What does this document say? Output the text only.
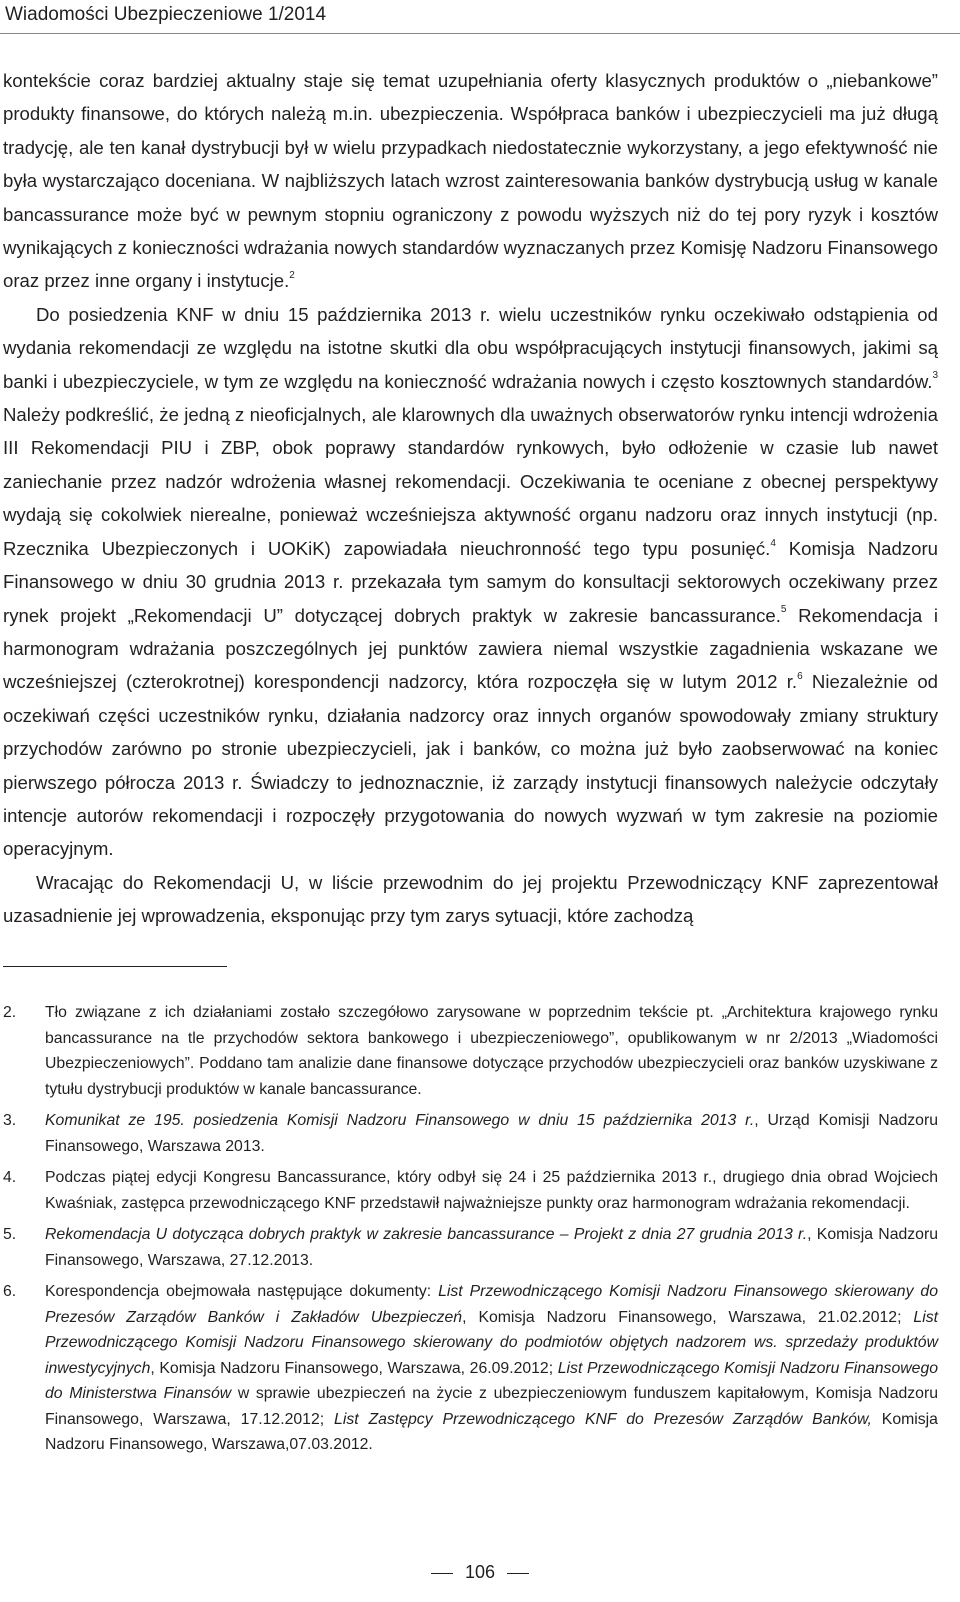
Wiadomości Ubezpieczeniowe 1/2014

kontekście coraz bardziej aktualny staje się temat uzupełniania oferty klasycznych produktów o „niebankowe” produkty finansowe, do których należą m.in. ubezpieczenia. Współpraca banków i ubezpieczycieli ma już długą tradycję, ale ten kanał dystrybucji był w wielu przypadkach niedostatecznie wykorzystany, a jego efektywność nie była wystarczająco doceniana. W najbliższych latach wzrost zainteresowania banków dystrybucją usług w kanale bancassurance może być w pewnym stopniu ograniczony z powodu wyższych niż do tej pory ryzyk i kosztów wynikających z konieczności wdrażania nowych standardów wyznaczanych przez Komisję Nadzoru Finansowego oraz przez inne organy i instytucje.$^2$

Do posiedzenia KNF w dniu 15 października 2013 r. wielu uczestników rynku oczekiwało odstąpienia od wydania rekomendacji ze względu na istotne skutki dla obu współpracujących instytucji finansowych, jakimi są banki i ubezpieczyciele, w tym ze względu na konieczność wdrażania nowych i często kosztownych standardów.$^3$ Należy podkreślić, że jedną z nieoficjalnych, ale klarownych dla uważnych obserwatorów rynku intencji wdrożenia III Rekomendacji PIU i ZBP, obok poprawy standardów rynkowych, było odłożenie w czasie lub nawet zaniechanie przez nadzór wdrożenia własnej rekomendacji. Oczekiwania te oceniane z obecnej perspektywy wydają się cokolwiek nierealne, ponieważ wcześniejsza aktywność organu nadzoru oraz innych instytucji (np. Rzecznika Ubezpieczonych i UOKiK) zapowiadała nieuchronność tego typu posunięć.$^4$ Komisja Nadzoru Finansowego w dniu 30 grudnia 2013 r. przekazała tym samym do konsultacji sektorowych oczekiwany przez rynek projekt „Rekomendacji U” dotyczącej dobrych praktyk w zakresie bancassurance.$^5$ Rekomendacja i harmonogram wdrażania poszczególnych jej punktów zawiera niemal wszystkie zagadnienia wskazane we wcześniejszej (czterokrotnej) korespondencji nadzorcy, która rozpoczęła się w lutym 2012 r.$^6$ Niezależnie od oczekiwań części uczestników rynku, działania nadzorcy oraz innych organów spowodowały zmiany struktury przychodów zarówno po stronie ubezpieczycieli, jak i banków, co można już było zaobserwować na koniec pierwszego półrocza 2013 r. Świadczy to jednoznacznie, iż zarządy instytucji finansowych należycie odczytały intencje autorów rekomendacji i rozpoczęły przygotowania do nowych wyzwań w tym zakresie na poziomie operacyjnym.

Wracając do Rekomendacji U, w liście przewodnim do jej projektu Przewodniczący KNF zaprezentował uzasadnienie jej wprowadzenia, eksponując przy tym zarys sytuacji, które zachodzą

2.	Tło związane z ich działaniami zostało szczegółowo zarysowane w poprzednim tekście pt. „Architektura krajowego rynku bancassurance na tle przychodów sektora bankowego i ubezpieczeniowego”, opublikowanym w nr 2/2013 „Wiadomości Ubezpieczeniowych”. Poddano tam analizie dane finansowe dotyczące przychodów ubezpieczycieli oraz banków uzyskiwane z tytułu dystrybucji produktów w kanale bancassurance.
3.	Komunikat ze 195. posiedzenia Komisji Nadzoru Finansowego w dniu 15 października 2013 r., Urząd Komisji Nadzoru Finansowego, Warszawa 2013.
4.	Podczas piątej edycji Kongresu Bancassurance, który odbył się 24 i 25 października 2013 r., drugiego dnia obrad Wojciech Kwaśniak, zastępca przewodniczącego KNF przedstawił najważniejsze punkty oraz harmonogram wdrażania rekomendacji.
5.	Rekomendacja U dotycząca dobrych praktyk w zakresie bancassurance – Projekt z dnia 27 grudnia 2013 r., Komisja Nadzoru Finansowego, Warszawa, 27.12.2013.
6.	Korespondencja obejmowała następujące dokumenty: List Przewodniczącego Komisji Nadzoru Finansowego skierowany do Prezesów Zarządów Banków i Zakładów Ubezpieczeń, Komisja Nadzoru Finansowego, Warszawa, 21.02.2012; List Przewodniczącego Komisji Nadzoru Finansowego skierowany do podmiotów objętych nadzorem ws. sprzedaży produktów inwestycyjnych, Komisja Nadzoru Finansowego, Warszawa, 26.09.2012; List Przewodniczącego Komisji Nadzoru Finansowego do Ministerstwa Finansów w sprawie ubezpieczeń na życie z ubezpieczeniowym funduszem kapitałowym, Komisja Nadzoru Finansowego, Warszawa, 17.12.2012; List Zastępcy Przewodniczącego KNF do Prezesów Zarządów Banków, Komisja Nadzoru Finansowego, Warszawa,07.03.2012.
106
